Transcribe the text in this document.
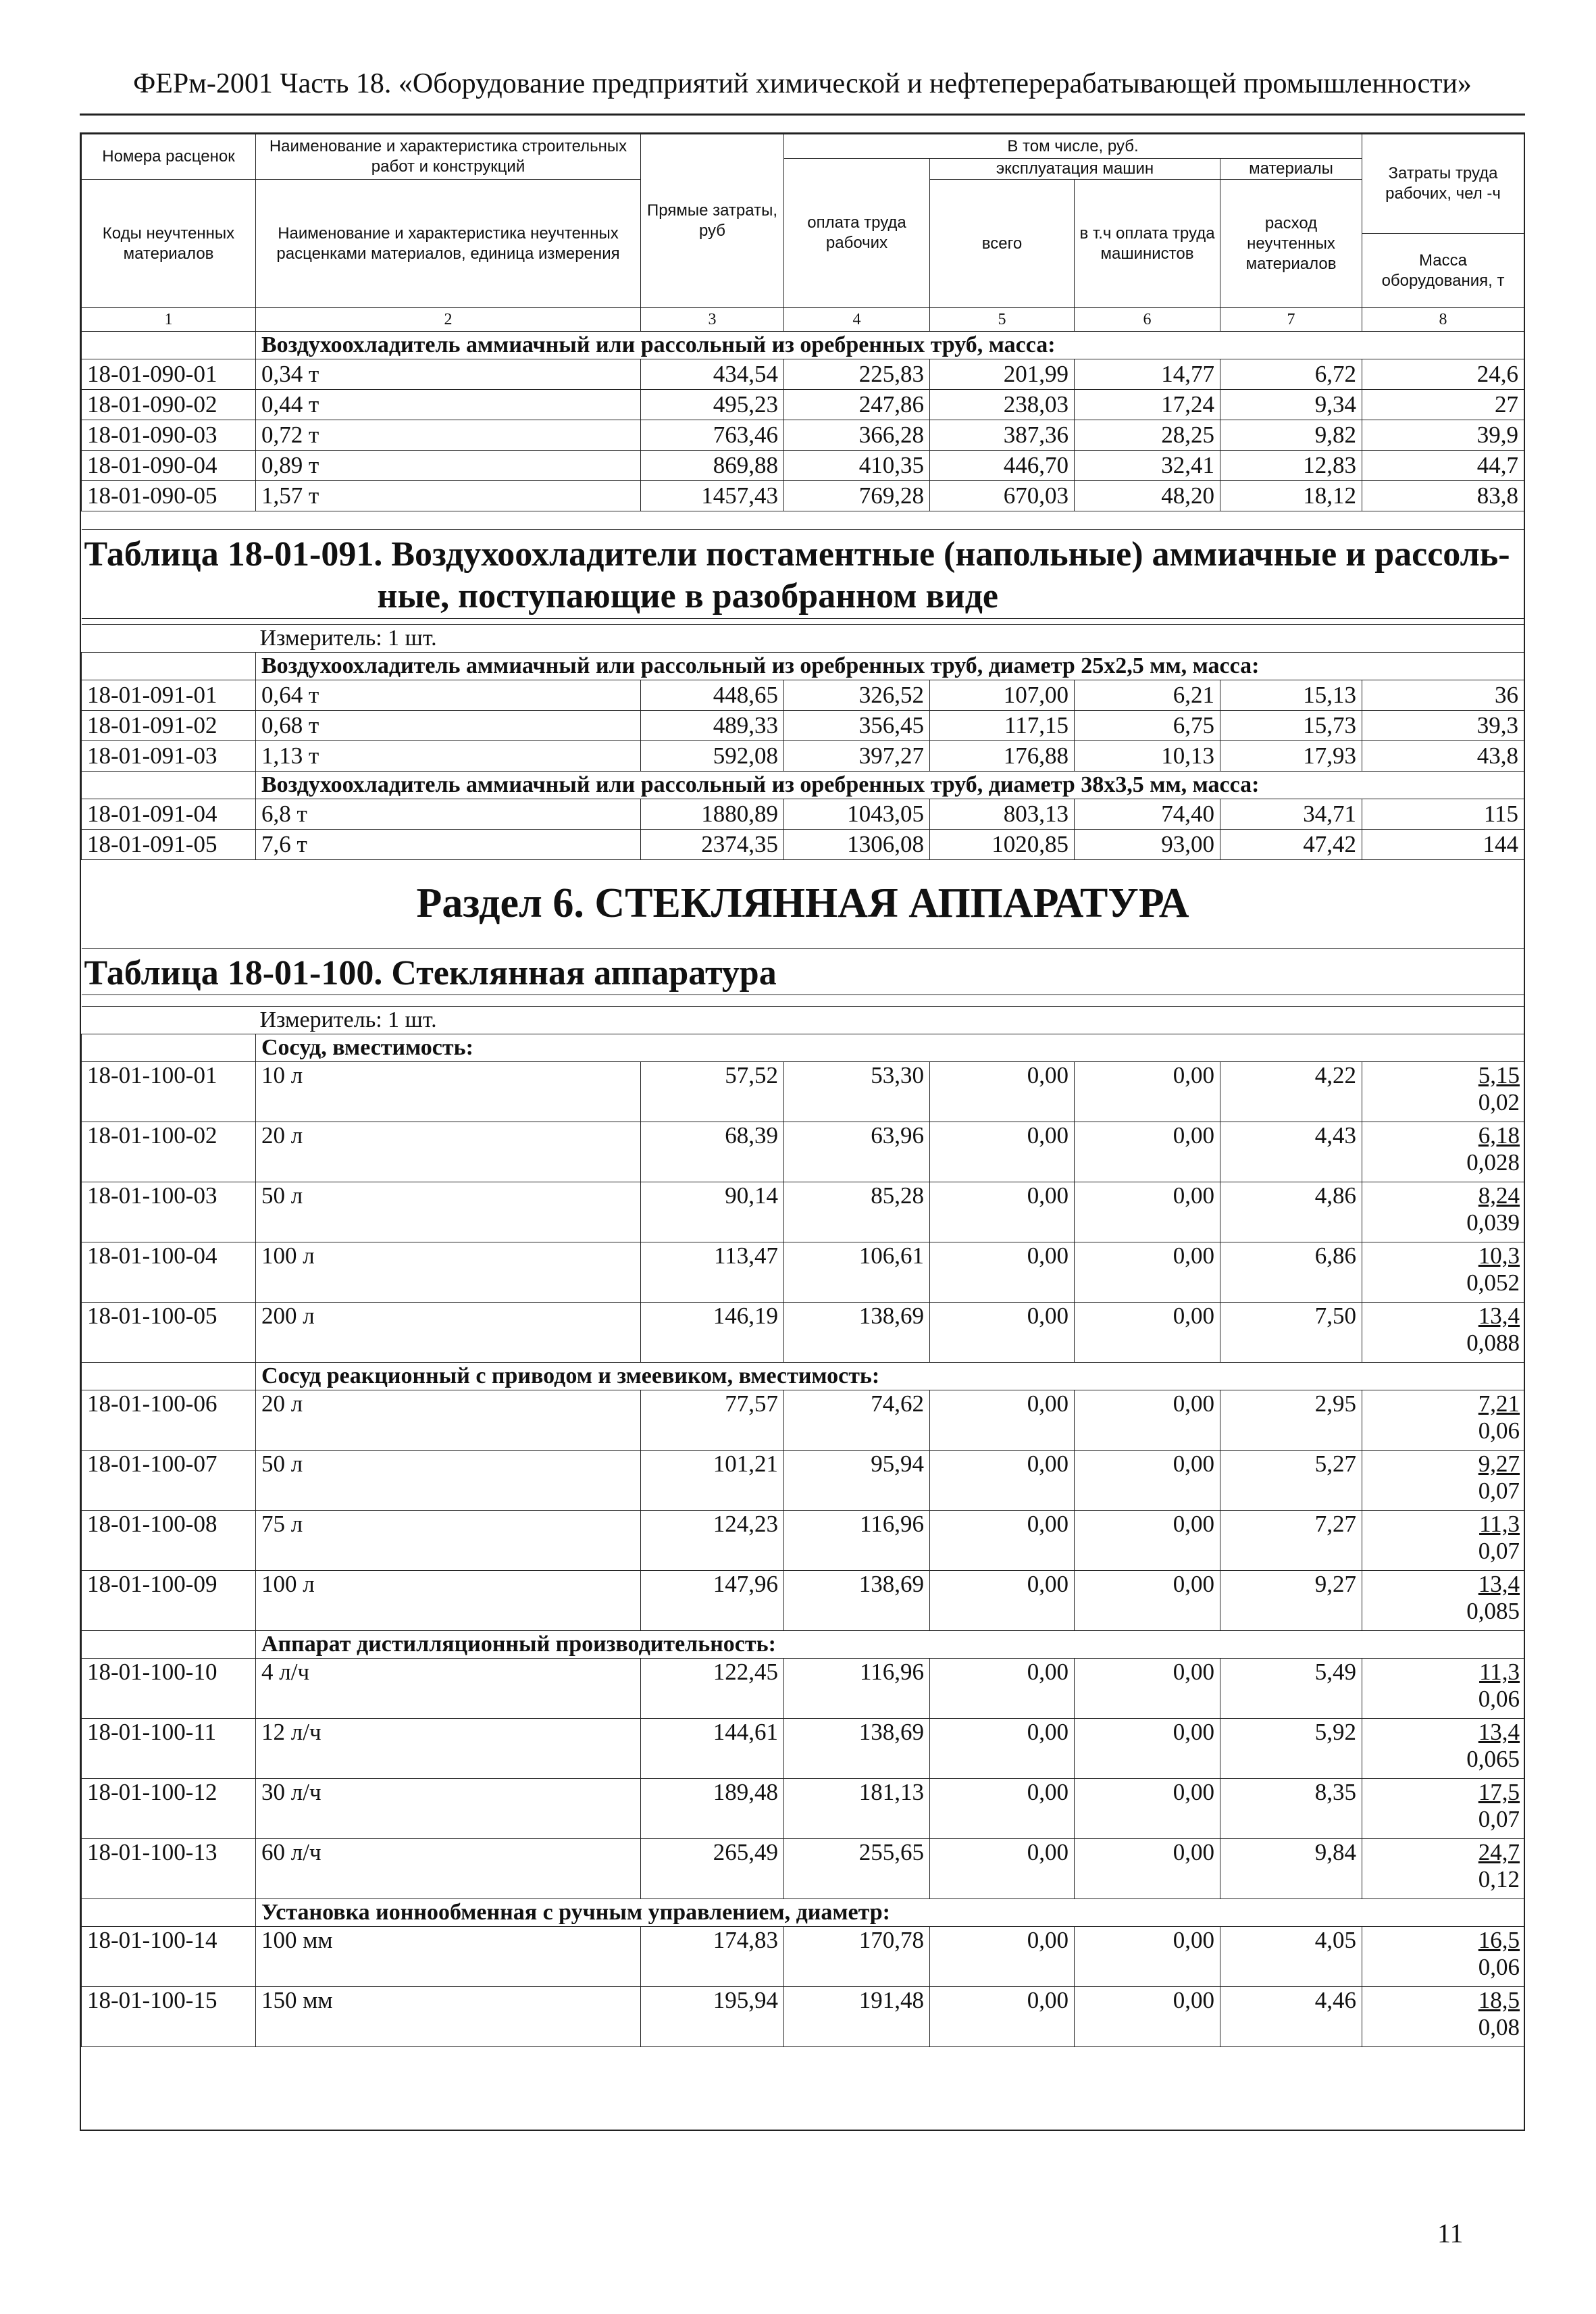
ФЕРм-2001 Часть 18. «Оборудование предприятий химической и нефтеперерабатывающей промышленности»
Номера расценок	Наименование и характеристика строительных работ и конструкций	Прямые затраты, руб	В том числе, руб.				Затраты труда рабочих, чел -ч
			оплата труда рабочих	эксплуатация машин		материалы	
Коды неучтенных материалов	Наименование и характеристика неучтенных расценками материалов, единица измерения			всего	в т.ч оплата труда машинистов	расход неучтенных материалов	
							Масса оборудования, т
1	2	3	4	5	6	7	8
	Воздухоохладитель аммиачный или рассольный из оребренных труб, масса:						
18-01-090-01	0,34 т	434,54	225,83	201,99	14,77	6,72	24,6
18-01-090-02	0,44 т	495,23	247,86	238,03	17,24	9,34	27
18-01-090-03	0,72 т	763,46	366,28	387,36	28,25	9,82	39,9
18-01-090-04	0,89 т	869,88	410,35	446,70	32,41	12,83	44,7
18-01-090-05	1,57 т	1457,43	769,28	670,03	48,20	18,12	83,8

Таблица 18-01-091. Воздухоохладители постаментные (напольные) аммиачные и рассоль-
ные, поступающие в разобранном виде							

Измеритель: 1 шт.							
	Воздухоохладитель аммиачный или рассольный из оребренных труб, диаметр 25х2,5 мм, масса:						
18-01-091-01	0,64 т	448,65	326,52	107,00	6,21	15,13	36
18-01-091-02	0,68 т	489,33	356,45	117,15	6,75	15,73	39,3
18-01-091-03	1,13 т	592,08	397,27	176,88	10,13	17,93	43,8
	Воздухоохладитель аммиачный или рассольный из оребренных труб, диаметр 38х3,5 мм, масса:						
18-01-091-04	6,8 т	1880,89	1043,05	803,13	74,40	34,71	115
18-01-091-05	7,6 т	2374,35	1306,08	1020,85	93,00	47,42	144
Раздел 6. СТЕКЛЯННАЯ АППАРАТУРА							
Таблица 18-01-100. Стеклянная аппаратура							

Измеритель: 1 шт.							
	Сосуд, вместимость:						
18-01-100-01	10 л	57,52	53,30	0,00	0,00	4,22	5,15
0,02

18-01-100-02	20 л	68,39	63,96	0,00	0,00	4,43	6,18
0,028

18-01-100-03	50 л	90,14	85,28	0,00	0,00	4,86	8,24
0,039

18-01-100-04	100 л	113,47	106,61	0,00	0,00	6,86	10,3
0,052

18-01-100-05	200 л	146,19	138,69	0,00	0,00	7,50	13,4
0,088

	Сосуд реакционный с приводом и змеевиком, вместимость:						
18-01-100-06	20 л	77,57	74,62	0,00	0,00	2,95	7,21
0,06

18-01-100-07	50 л	101,21	95,94	0,00	0,00	5,27	9,27
0,07

18-01-100-08	75 л	124,23	116,96	0,00	0,00	7,27	11,3
0,07

18-01-100-09	100 л	147,96	138,69	0,00	0,00	9,27	13,4
0,085

	Аппарат дистилляционный производительность:						
18-01-100-10	4 л/ч	122,45	116,96	0,00	0,00	5,49	11,3
0,06

18-01-100-11	12 л/ч	144,61	138,69	0,00	0,00	5,92	13,4
0,065

18-01-100-12	30 л/ч	189,48	181,13	0,00	0,00	8,35	17,5
0,07

18-01-100-13	60 л/ч	265,49	255,65	0,00	0,00	9,84	24,7
0,12

	Установка ионнообменная с ручным управлением, диаметр:						
18-01-100-14	100 мм	174,83	170,78	0,00	0,00	4,05	16,5
0,06

18-01-100-15	150 мм	195,94	191,48	0,00	0,00	4,46	18,5
0,08
11
